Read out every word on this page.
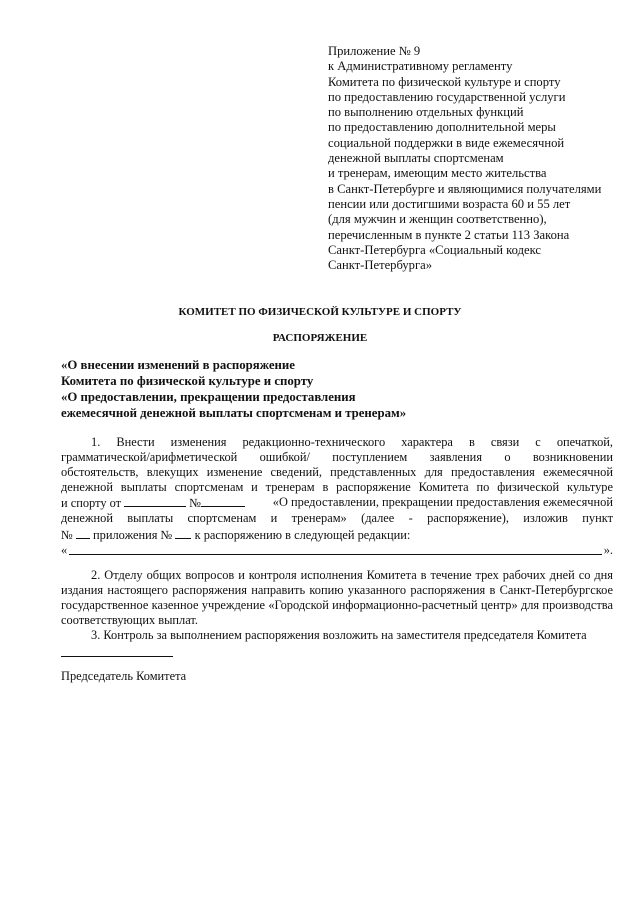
Приложение № 9
к Административному регламенту
Комитета по физической культуре и спорту
по предоставлению государственной услуги
по выполнению отдельных функций
по предоставлению дополнительной меры
социальной поддержки в виде ежемесячной
денежной выплаты спортсменам
и тренерам, имеющим место жительства
в Санкт-Петербурге и являющимися получателями
пенсии или достигшими возраста 60 и 55 лет
(для мужчин и женщин соответственно),
перечисленным в пункте 2 статьи 113 Закона
Санкт-Петербурга «Социальный кодекс
Санкт-Петербурга»
КОМИТЕТ ПО ФИЗИЧЕСКОЙ КУЛЬТУРЕ И СПОРТУ
РАСПОРЯЖЕНИЕ
«О внесении изменений в распоряжение
Комитета по физической культуре и спорту
«О предоставлении, прекращении предоставления
ежемесячной денежной выплаты спортсменам и тренерам»
1. Внести изменения редакционно-технического характера в связи с опечаткой,
грамматической/арифметической ошибкой/ поступлением заявления о возникновении
обстоятельств, влекущих изменение сведений, представленных для предоставления ежемесячной
денежной выплаты спортсменам и тренерам в распоряжение Комитета по физической культуре
и спорту от	№	«О предоставлении, прекращении предоставления ежемесячной
денежной выплаты спортсменам и тренерам» (далее - распоряжение), изложив пункт
№ приложения № к распоряжению в следующей редакции:
«	».
2. Отделу общих вопросов и контроля исполнения Комитета в течение трех рабочих дней со дня издания настоящего распоряжения направить копию указанного распоряжения в Санкт-Петербургское государственное казенное учреждение «Городской информационно-расчетный центр» для производства соответствующих выплат.
3. Контроль за выполнением распоряжения возложить на заместителя председателя Комитета
Председатель Комитета
